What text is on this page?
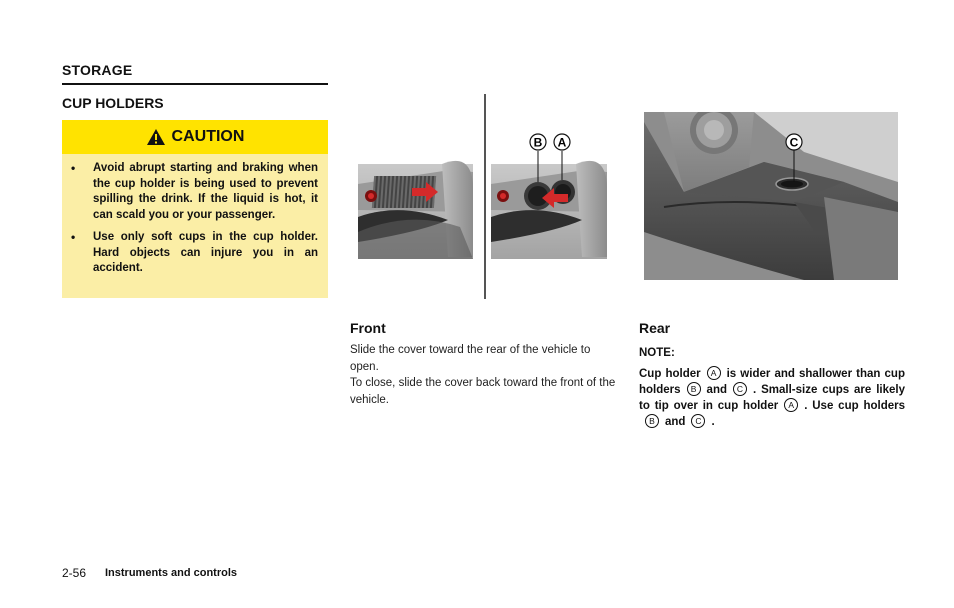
STORAGE
CUP HOLDERS
CAUTION
• Avoid abrupt starting and braking when the cup holder is being used to prevent spilling the drink. If the liquid is hot, it can scald you or your passenger.
• Use only soft cups in the cup holder. Hard objects can injure you in an accident.
B A	C
Front
Slide the cover toward the rear of the vehicle to open.
To close, slide the cover back toward the front of the vehicle.
Rear
NOTE:
Cup holder A is wider and shallower than cup holders B and C . Small-size cups are likely to tip over in cup holder A . Use cup holdersB and C .
2-56 Instruments and controls
